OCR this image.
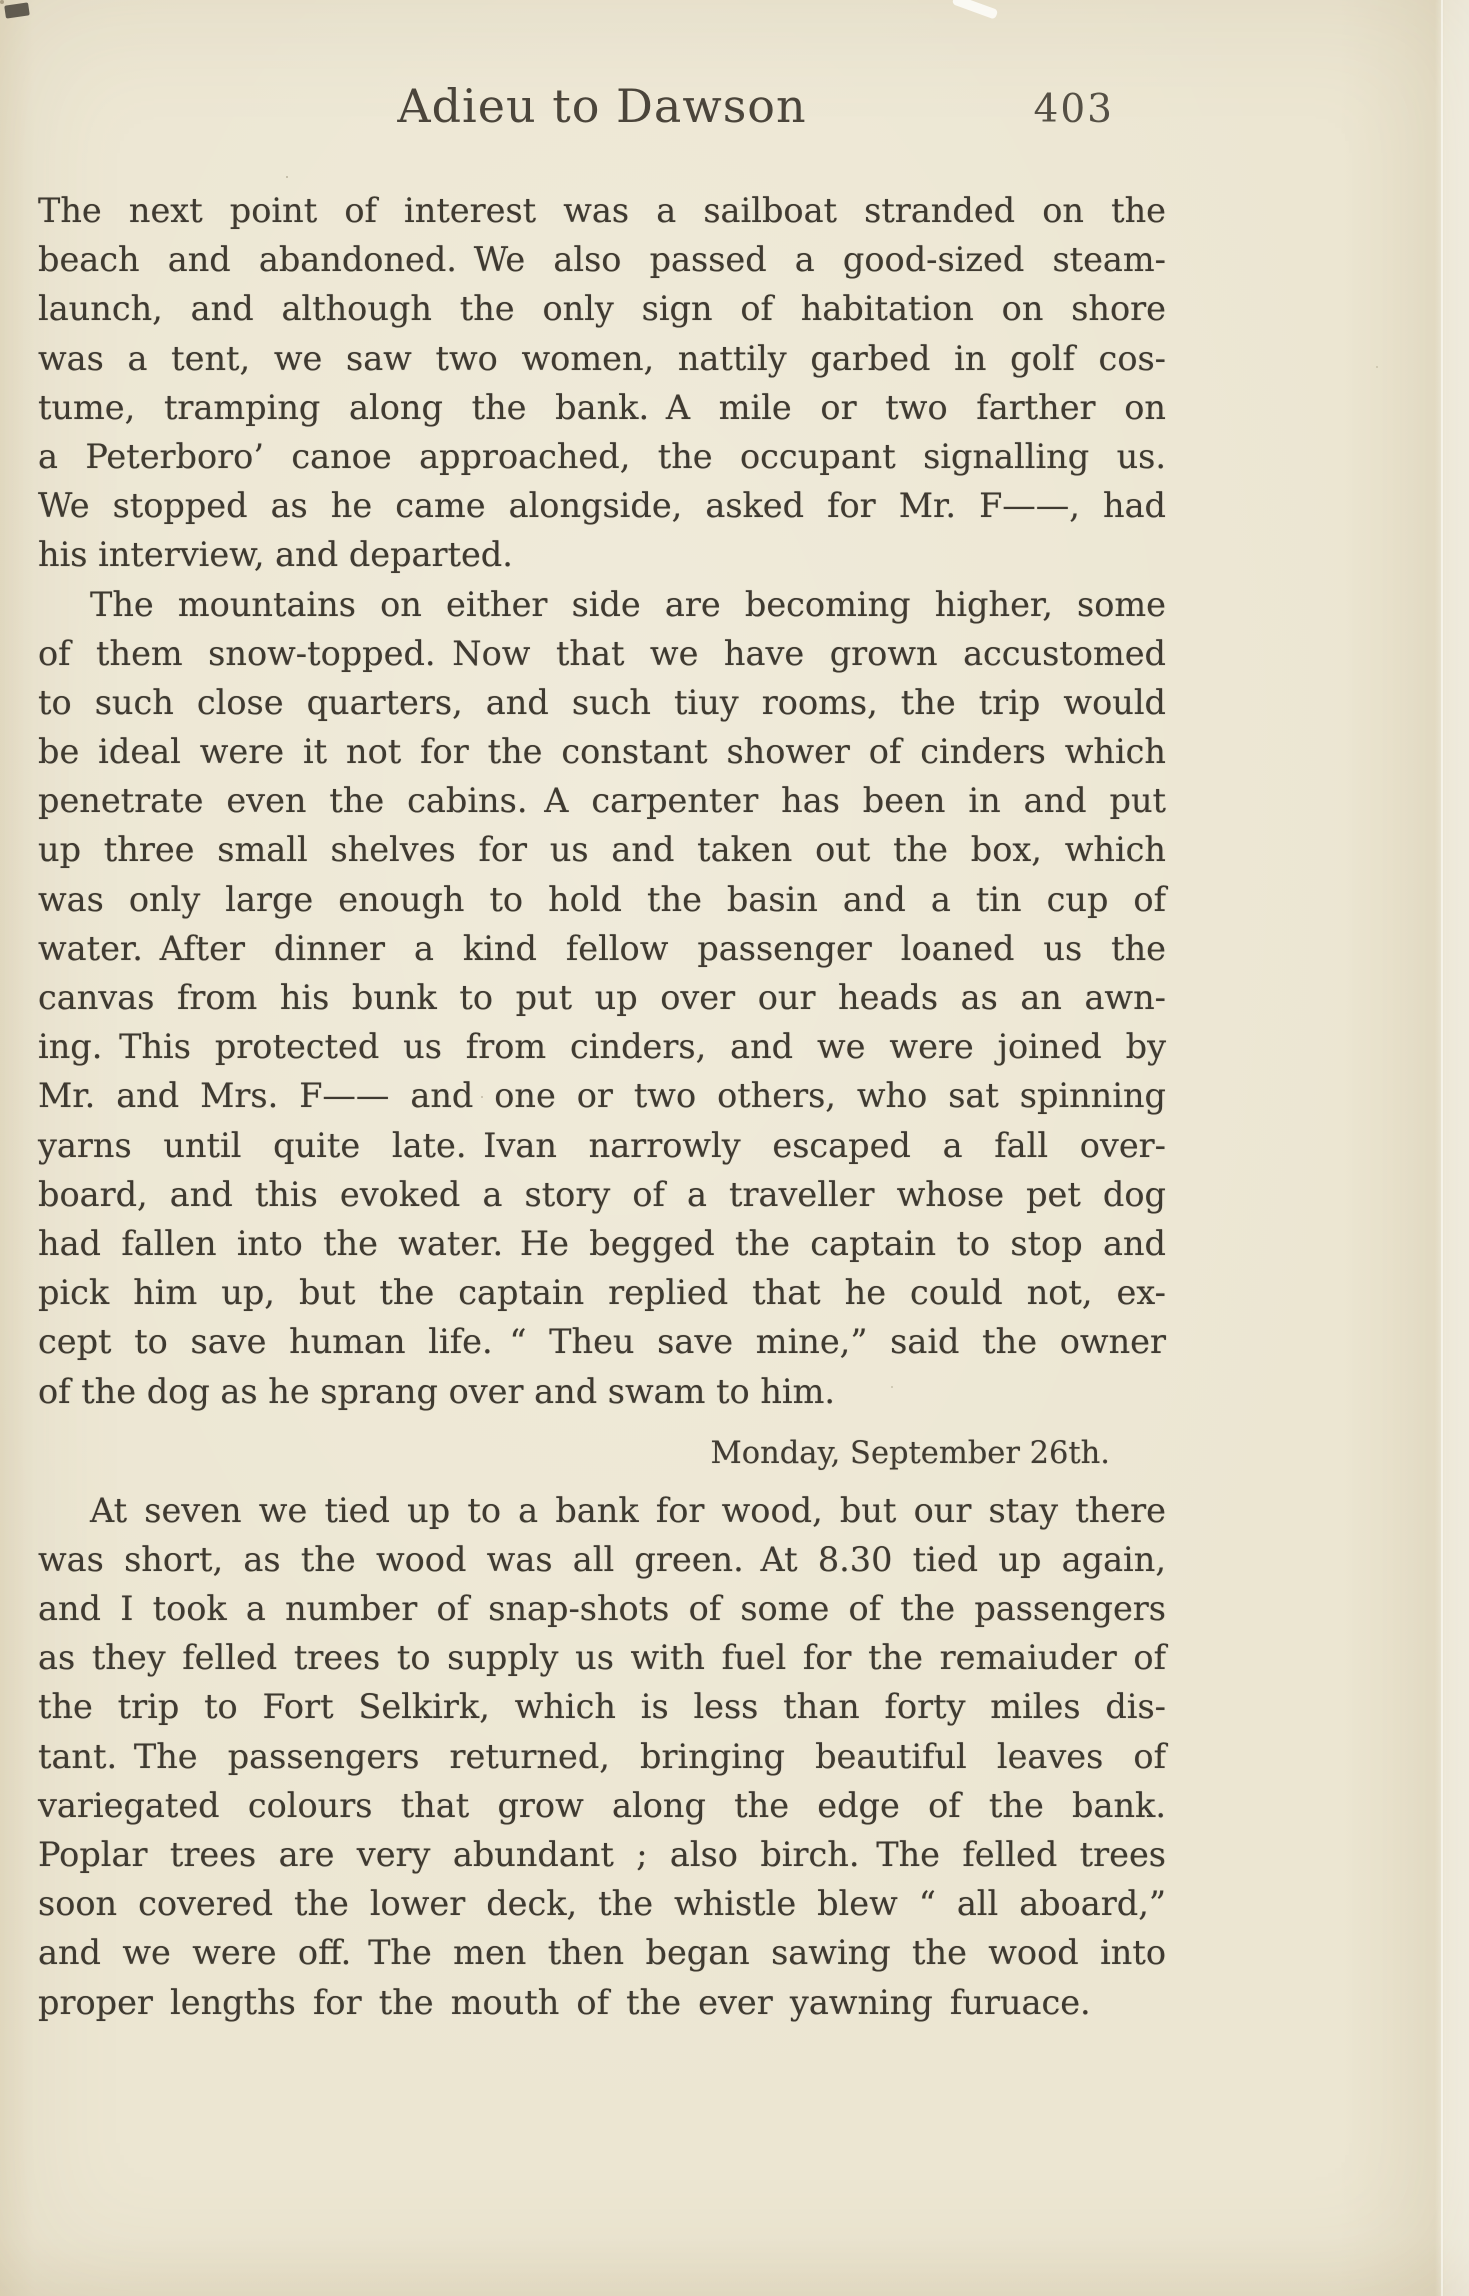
Adieu to Dawson	403
The next point of interest was a sailboat stranded on the
beach and abandoned. We also passed a good-sized steam-
launch, and although the only sign of habitation on shore
was a tent, we saw two women, nattily garbed in golf cos-
tume, tramping along the bank. A mile or two farther on
a Peterboro’ canoe approached, the occupant signalling us.
We stopped as he came alongside, asked for Mr. F——, had
his interview, and departed.
The mountains on either side are becoming higher, some
of them snow-topped. Now that we have grown accustomed
to such close quarters, and such tiuy rooms, the trip would
be ideal were it not for the constant shower of cinders which
penetrate even the cabins. A carpenter has been in and put
up three small shelves for us and taken out the box, which
was only large enough to hold the basin and a tin cup of
water. After dinner a kind fellow passenger loaned us the
canvas from his bunk to put up over our heads as an awn-
ing. This protected us from cinders, and we were joined by
Mr. and Mrs. F—— and one or two others, who sat spinning
yarns until quite late. Ivan narrowly escaped a fall over-
board, and this evoked a story of a traveller whose pet dog
had fallen into the water. He begged the captain to stop and
pick him up, but the captain replied that he could not, ex-
cept to save human life. “ Theu save mine,” said the owner
of the dog as he sprang over and swam to him.
Monday, September 26th.
At seven we tied up to a bank for wood, but our stay there
was short, as the wood was all green. At 8.30 tied up again,
and I took a number of snap-shots of some of the passengers
as they felled trees to supply us with fuel for the remaiuder of
the trip to Fort Selkirk, which is less than forty miles dis-
tant. The passengers returned, bringing beautiful leaves of
variegated colours that grow along the edge of the bank.
Poplar trees are very abundant ; also birch. The felled trees
soon covered the lower deck, the whistle blew “ all aboard,”
and we were off. The men then began sawing the wood into
proper lengths for the mouth of the ever yawning furuace.
